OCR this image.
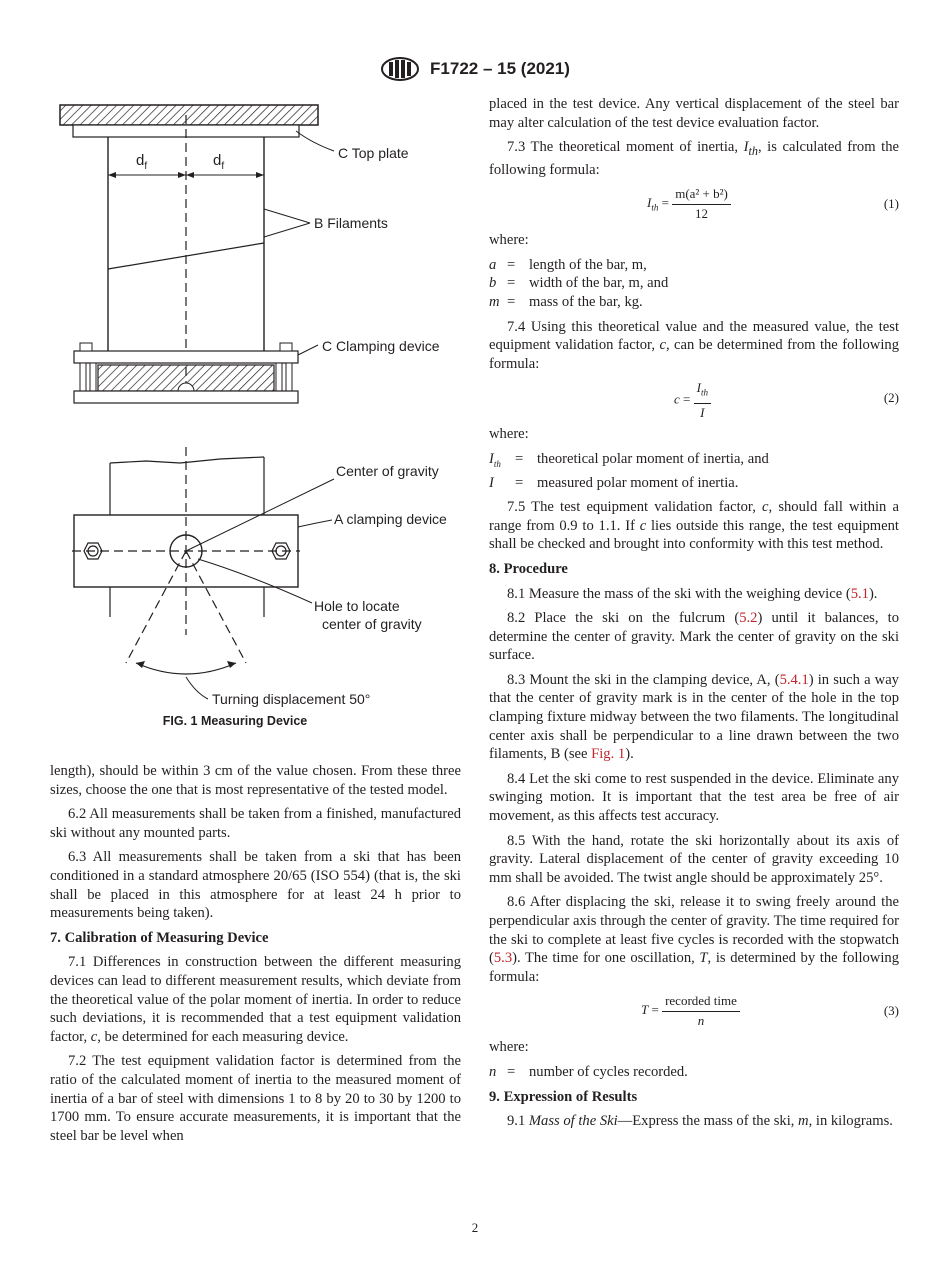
F1722 – 15 (2021)
$d_f$	$d_f$
C Top plate
B Filaments
C Clamping device
Center of gravity
A clamping device
Hole to locate
center of gravity
Turning displacement 50°
FIG. 1 Measuring Device

length), should be within 3 cm of the value chosen. From these three sizes, choose the one that is most representative of the tested model.

6.2 All measurements shall be taken from a finished, manufactured ski without any mounted parts.

6.3 All measurements shall be taken from a ski that has been conditioned in a standard atmosphere 20/65 (ISO 554) (that is, the ski shall be placed in this atmosphere for at least 24 h prior to measurements being taken).

7. Calibration of Measuring Device

7.1 Differences in construction between the different measuring devices can lead to different measurement results, which deviate from the theoretical value of the polar moment of inertia. In order to reduce such deviations, it is recommended that a test equipment validation factor, c, be determined for each measuring device.

7.2 The test equipment validation factor is determined from the ratio of the calculated moment of inertia to the measured moment of inertia of a bar of steel with dimensions 1 to 8 by 20 to 30 by 1200 to 1700 mm. To ensure accurate measurements, it is important that the steel bar be level when

placed in the test device. Any vertical displacement of the steel bar may alter calculation of the test device evaluation factor.

7.3 The theoretical moment of inertia, $I_{th}$, is calculated from the following formula:

$I_{th} = \frac{\text{m(a² + b²)}}{12}$	(1)

where:

a = length of the bar, m,
b = width of the bar, m, and
m = mass of the bar, kg.

7.4 Using this theoretical value and the measured value, the test equipment validation factor, c, can be determined from the following formula:

$c = \frac{I_{th}}{I}$	(2)

where:

$I_{th}$ = theoretical polar moment of inertia, and
I	= measured polar moment of inertia.

7.5 The test equipment validation factor, c, should fall within a range from 0.9 to 1.1. If c lies outside this range, the test equipment shall be checked and brought into conformity with this test method.

8. Procedure

8.1 Measure the mass of the ski with the weighing device (5.1).

8.2 Place the ski on the fulcrum (5.2) until it balances, to determine the center of gravity. Mark the center of gravity on the ski surface.

8.3 Mount the ski in the clamping device, A, (5.4.1) in such a way that the center of gravity mark is in the center of the hole in the top clamping fixture midway between the two filaments. The longitudinal center axis shall be perpendicular to a line drawn between the two filaments, B (see Fig. 1).

8.4 Let the ski come to rest suspended in the device. Eliminate any swinging motion. It is important that the test area be free of air movement, as this affects test accuracy.

8.5 With the hand, rotate the ski horizontally about its axis of gravity. Lateral displacement of the center of gravity exceeding 10 mm shall be avoided. The twist angle should be approximately 25°.

8.6 After displacing the ski, release it to swing freely around the perpendicular axis through the center of gravity. The time required for the ski to complete at least five cycles is recorded with the stopwatch (5.3). The time for one oscillation, T, is determined by the following formula:

$T = \frac{\text{recorded time}}{n}$	(3)

where:

n = number of cycles recorded.
9. Expression of Results

9.1 Mass of the Ski—Express the mass of the ski, m, in kilograms.

2
